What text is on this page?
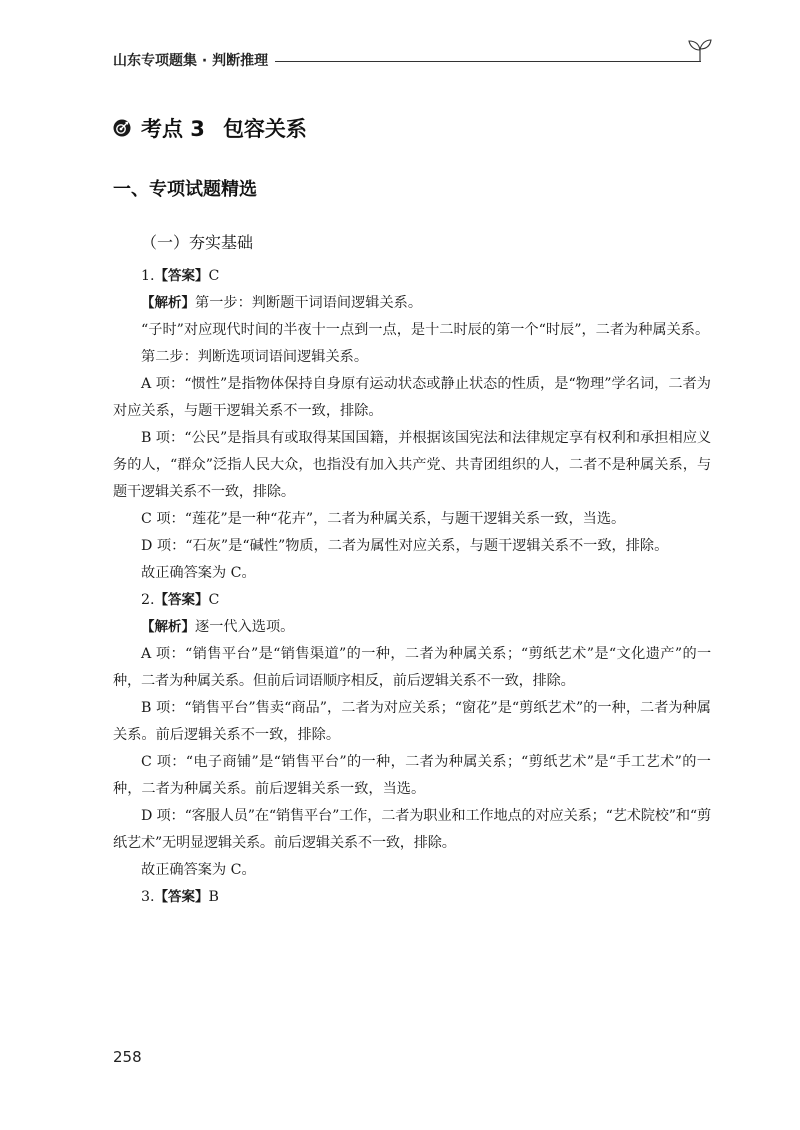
山东专项题集 · 判断推理
考点 3 包容关系
一、专项试题精选
（一）夯实基础

1.【答案】C

【解析】第一步：判断题干词语间逻辑关系。

“子时”对应现代时间的半夜十一点到一点，是十二时辰的第一个“时辰”，二者为种属关系。

第二步：判断选项词语间逻辑关系。

A 项：“惯性”是指物体保持自身原有运动状态或静止状态的性质，是“物理”学名词，二者为对应关系，与题干逻辑关系不一致，排除。

B 项：“公民”是指具有或取得某国国籍，并根据该国宪法和法律规定享有权利和承担相应义务的人，“群众”泛指人民大众，也指没有加入共产党、共青团组织的人，二者不是种属关系，与题干逻辑关系不一致，排除。

C 项：“莲花”是一种“花卉”，二者为种属关系，与题干逻辑关系一致，当选。

D 项：“石灰”是“碱性”物质，二者为属性对应关系，与题干逻辑关系不一致，排除。

故正确答案为 C。

2.【答案】C

【解析】逐一代入选项。

A 项：“销售平台”是“销售渠道”的一种，二者为种属关系；“剪纸艺术”是“文化遗产”的一种，二者为种属关系。但前后词语顺序相反，前后逻辑关系不一致，排除。

B 项：“销售平台”售卖“商品”，二者为对应关系；“窗花”是“剪纸艺术”的一种，二者为种属关系。前后逻辑关系不一致，排除。

C 项：“电子商铺”是“销售平台”的一种，二者为种属关系；“剪纸艺术”是“手工艺术”的一种，二者为种属关系。前后逻辑关系一致，当选。

D 项：“客服人员”在“销售平台”工作，二者为职业和工作地点的对应关系；“艺术院校”和“剪纸艺术”无明显逻辑关系。前后逻辑关系不一致，排除。

故正确答案为 C。

3.【答案】B

258
